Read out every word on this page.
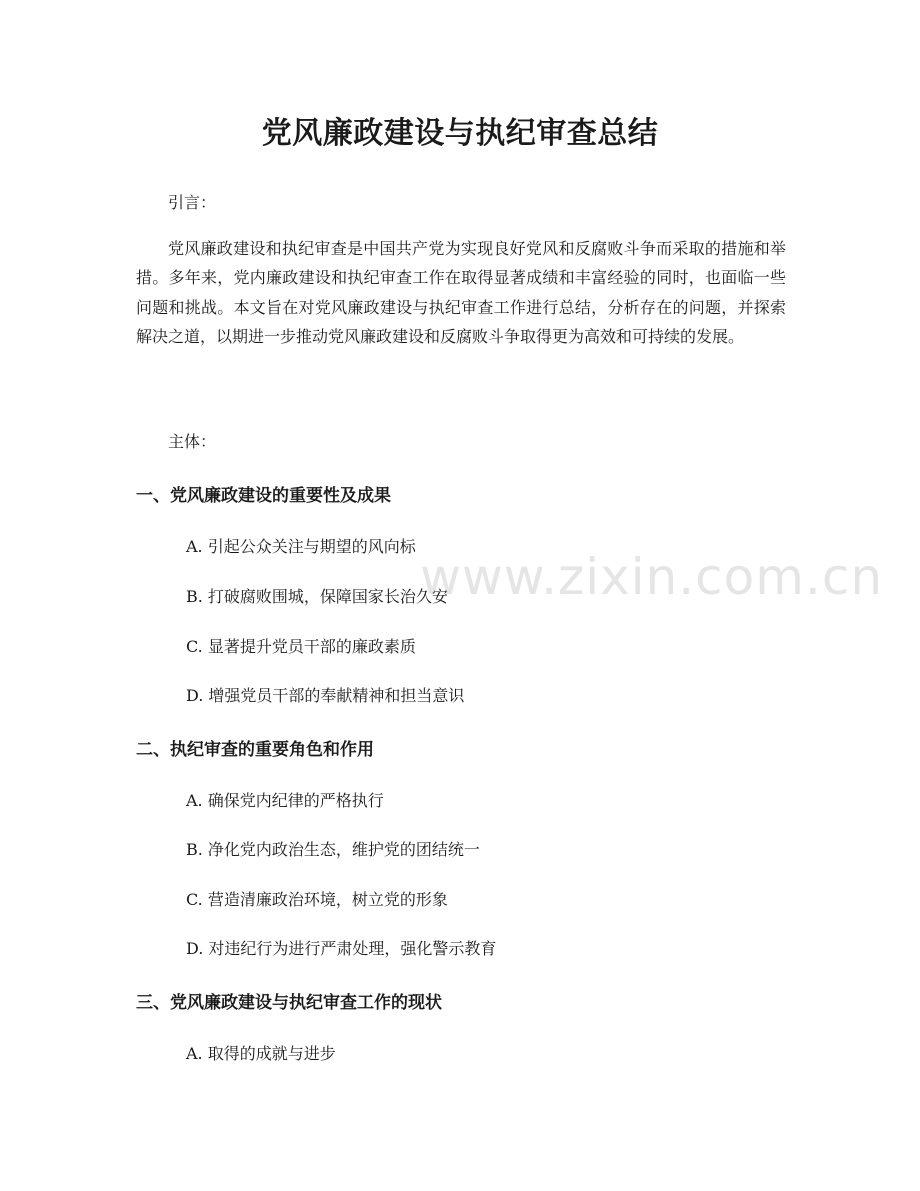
党风廉政建设与执纪审查总结

引言：

党风廉政建设和执纪审查是中国共产党为实现良好党风和反腐败斗争而采取的措施和举措。多年来，党内廉政建设和执纪审查工作在取得显著成绩和丰富经验的同时，也面临一些问题和挑战。本文旨在对党风廉政建设与执纪审查工作进行总结，分析存在的问题，并探索解决之道，以期进一步推动党风廉政建设和反腐败斗争取得更为高效和可持续的发展。

主体：

一、党风廉政建设的重要性及成果

A. 引起公众关注与期望的风向标

B. 打破腐败围城，保障国家长治久安

C. 显著提升党员干部的廉政素质

D. 增强党员干部的奉献精神和担当意识

二、执纪审查的重要角色和作用

A. 确保党内纪律的严格执行

B. 净化党内政治生态，维护党的团结统一

C. 营造清廉政治环境，树立党的形象

D. 对违纪行为进行严肃处理，强化警示教育

三、党风廉政建设与执纪审查工作的现状

A. 取得的成就与进步

www.zixin.com.cn
